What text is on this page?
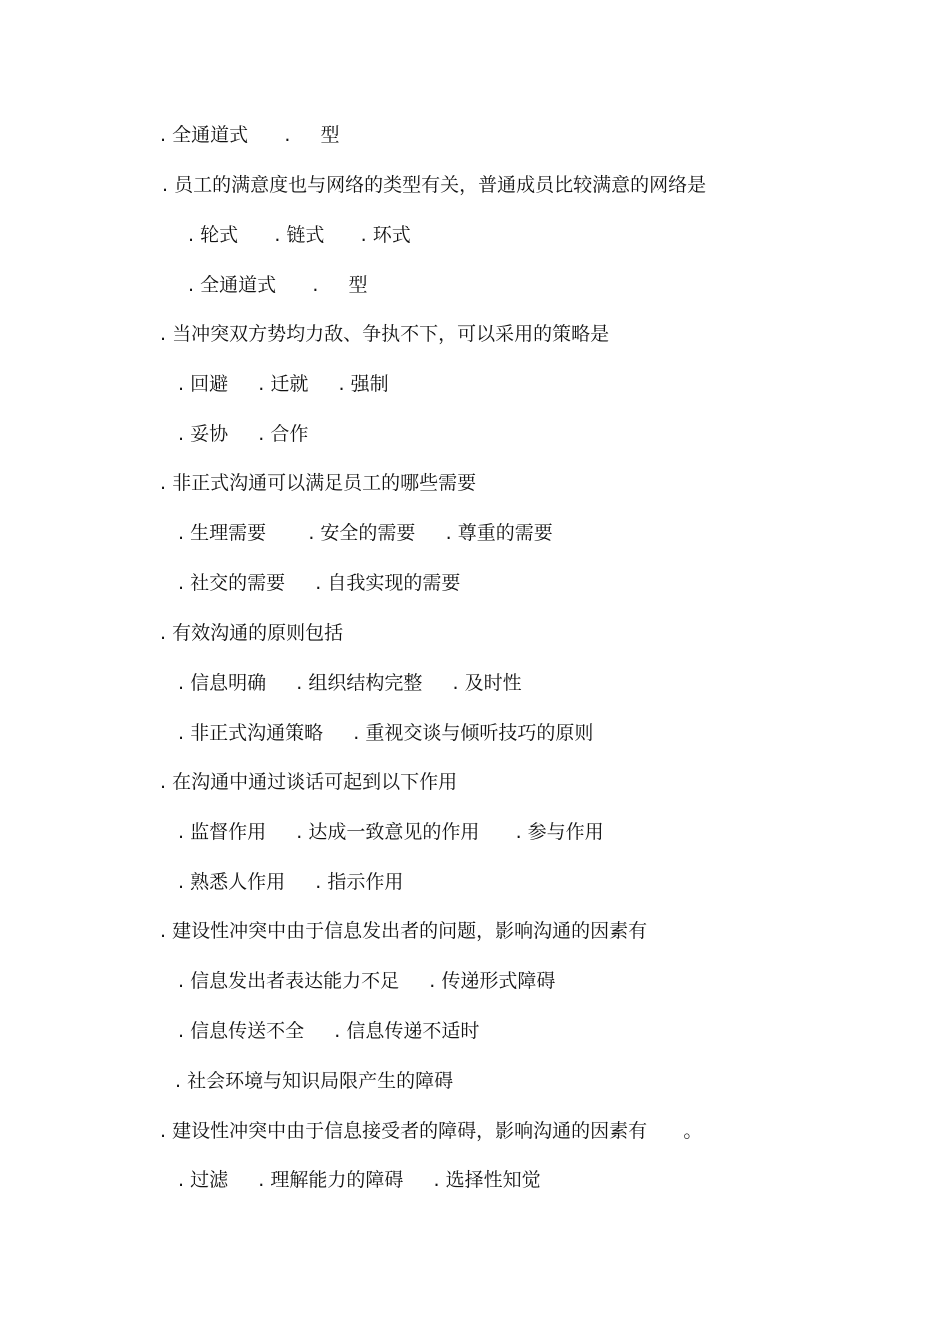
. 全通道式      .     型
. 员工的满意度也与网络的类型有关，普通成员比较满意的网络是
. 轮式      . 链式      . 环式
. 全通道式      .     型
. 当冲突双方势均力敌、争执不下，可以采用的策略是
. 回避     . 迁就     . 强制
. 妥协     . 合作
. 非正式沟通可以满足员工的哪些需要
. 生理需要       . 安全的需要     . 尊重的需要
. 社交的需要     . 自我实现的需要
. 有效沟通的原则包括
. 信息明确     . 组织结构完整     . 及时性
. 非正式沟通策略     . 重视交谈与倾听技巧的原则
. 在沟通中通过谈话可起到以下作用
. 监督作用     . 达成一致意见的作用      . 参与作用
. 熟悉人作用     . 指示作用
. 建设性冲突中由于信息发出者的问题，影响沟通的因素有
. 信息发出者表达能力不足     . 传递形式障碍
. 信息传送不全     . 信息传递不适时
. 社会环境与知识局限产生的障碍
. 建设性冲突中由于信息接受者的障碍，影响沟通的因素有      。
. 过滤     . 理解能力的障碍     . 选择性知觉
